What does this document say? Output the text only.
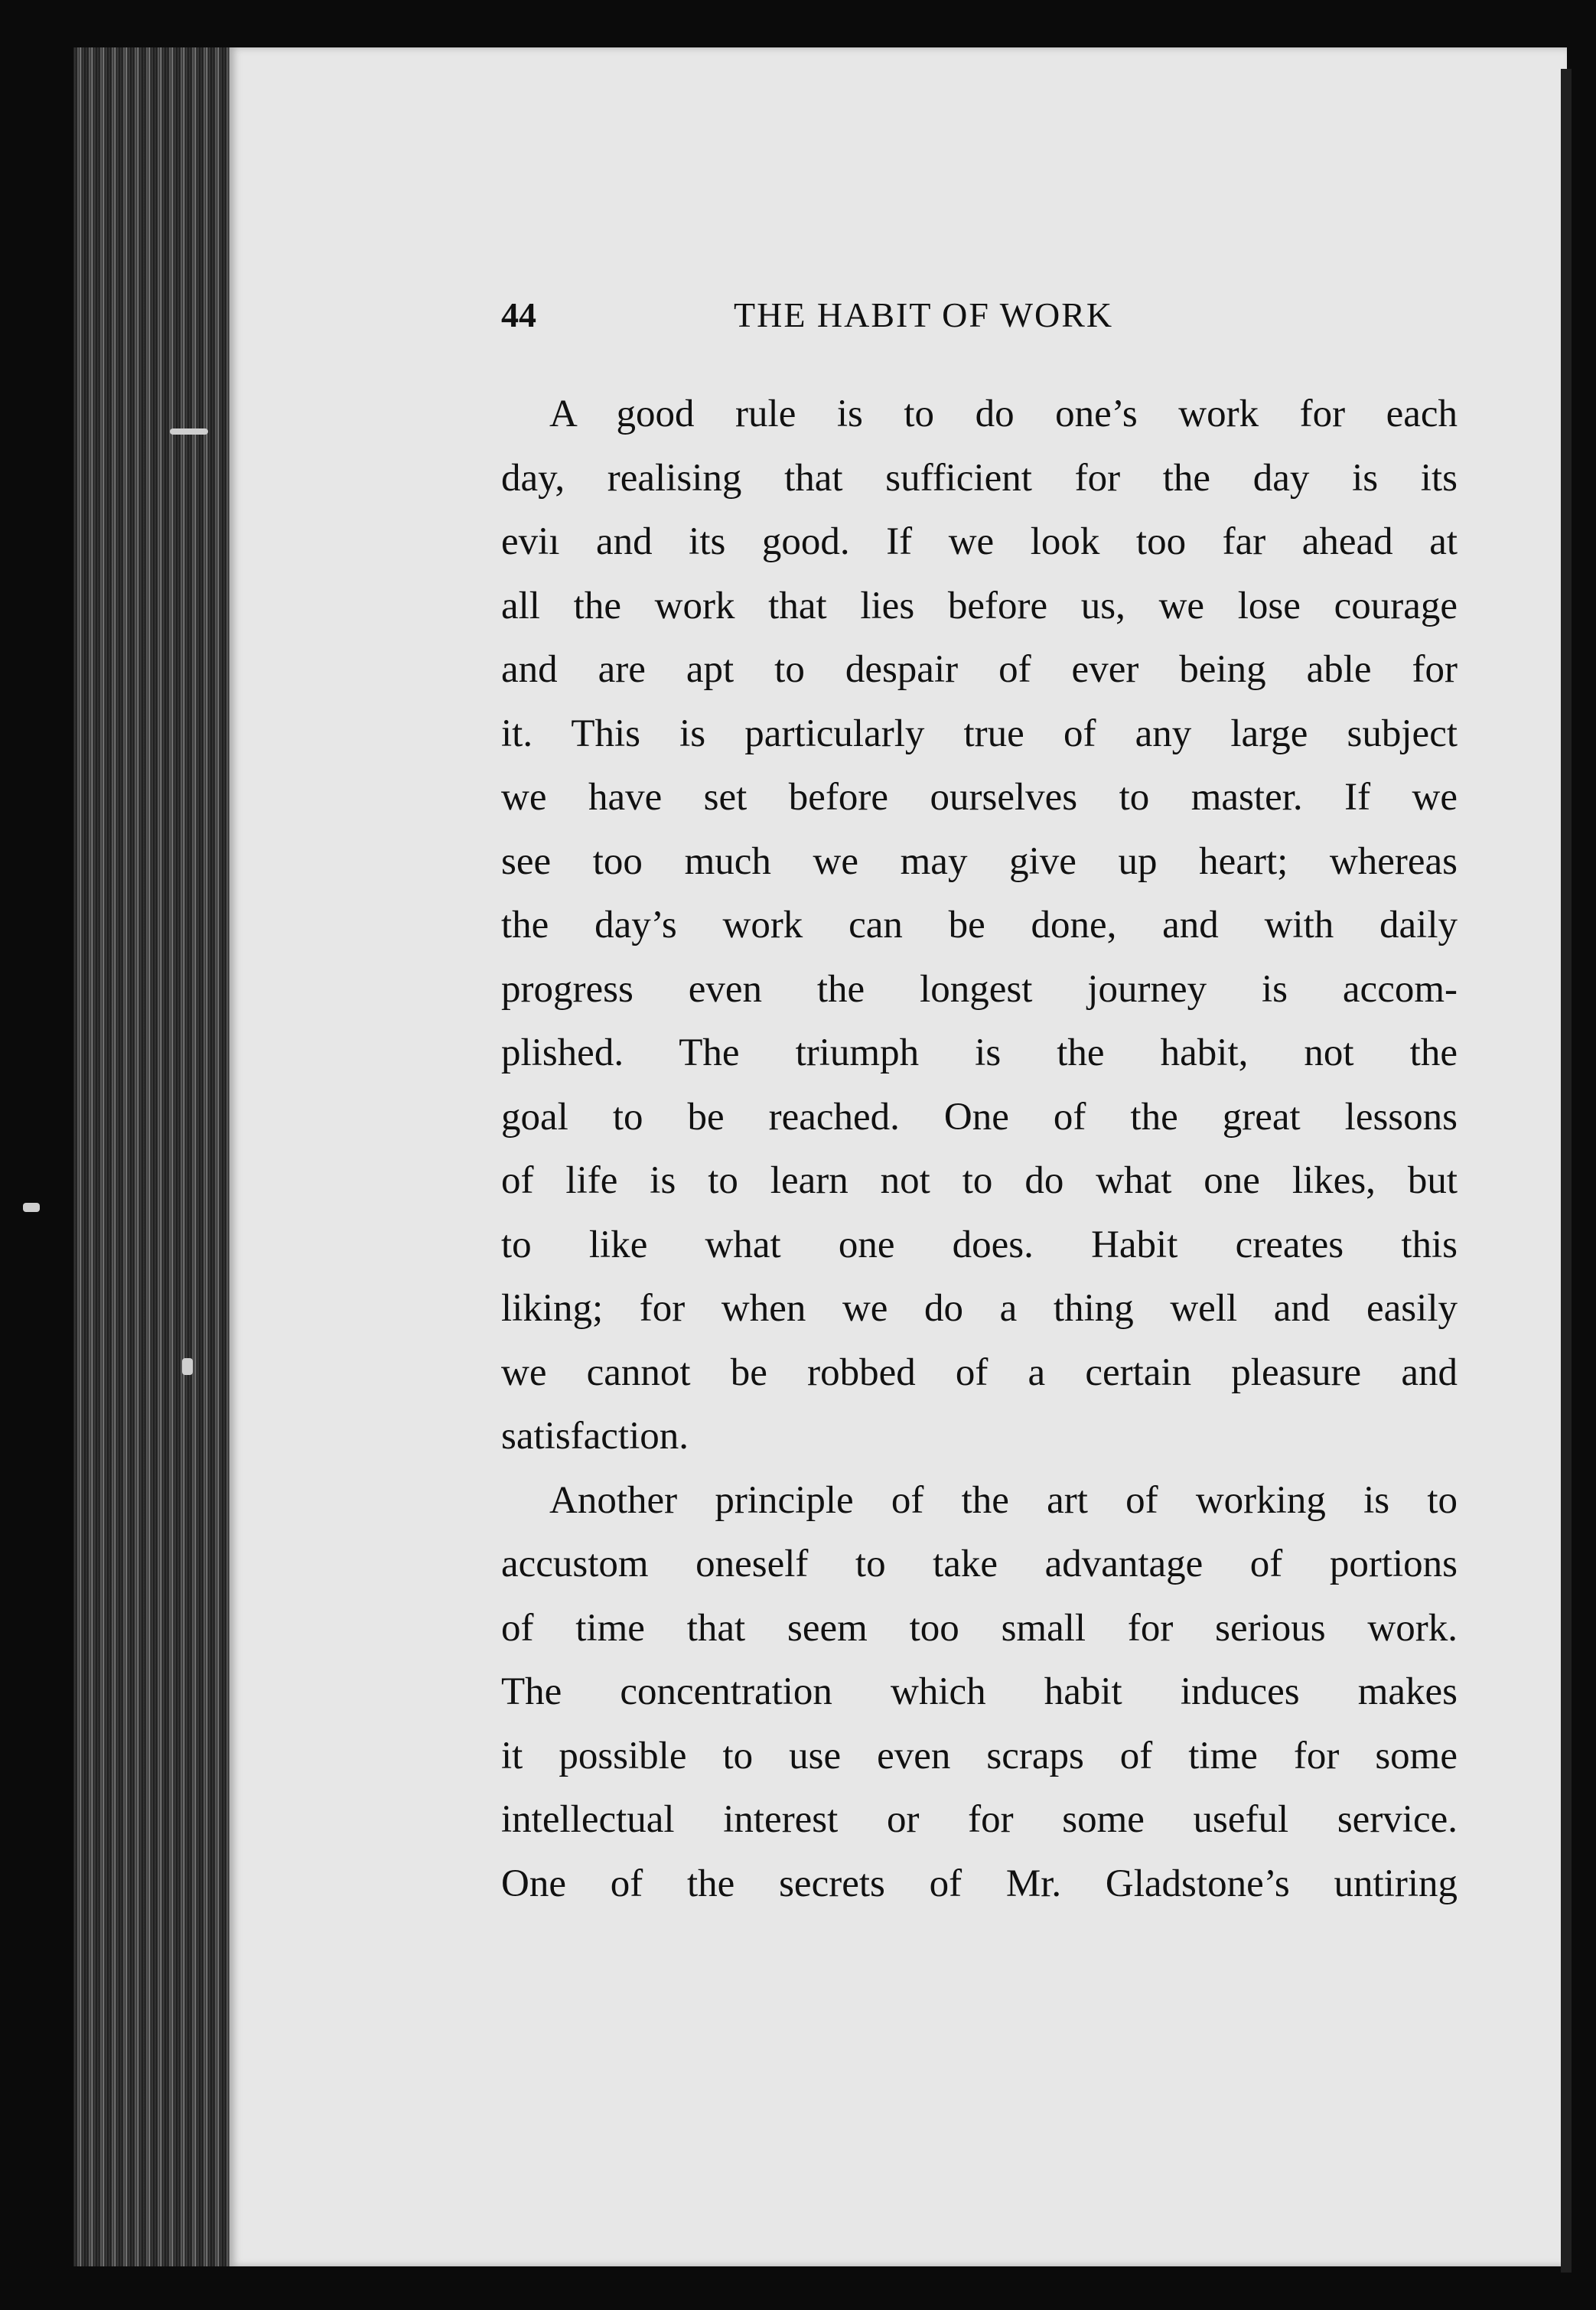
44	THE HABIT OF WORK
A good rule is to do one’s work for each
day, realising that sufficient for the day is its
eviı and its good. If we look too far ahead at
all the work that lies before us, we lose courage
and are apt to despair of ever being able for
it. This is particularly true of any large subject
we have set before ourselves to master. If we
see too much we may give up heart; whereas
the day’s work can be done, and with daily
progress even the longest journey is accom-
plished. The triumph is the habit, not the
goal to be reached. One of the great lessons
of life is to learn not to do what one likes, but
to like what one does. Habit creates this
liking; for when we do a thing well and easily
we cannot be robbed of a certain pleasure and
satisfaction.
Another principle of the art of working is to
accustom oneself to take advantage of portions
of time that seem too small for serious work.
The concentration which habit induces makes
it possible to use even scraps of time for some
intellectual interest or for some useful service.
One of the secrets of Mr. Gladstone’s untiring
